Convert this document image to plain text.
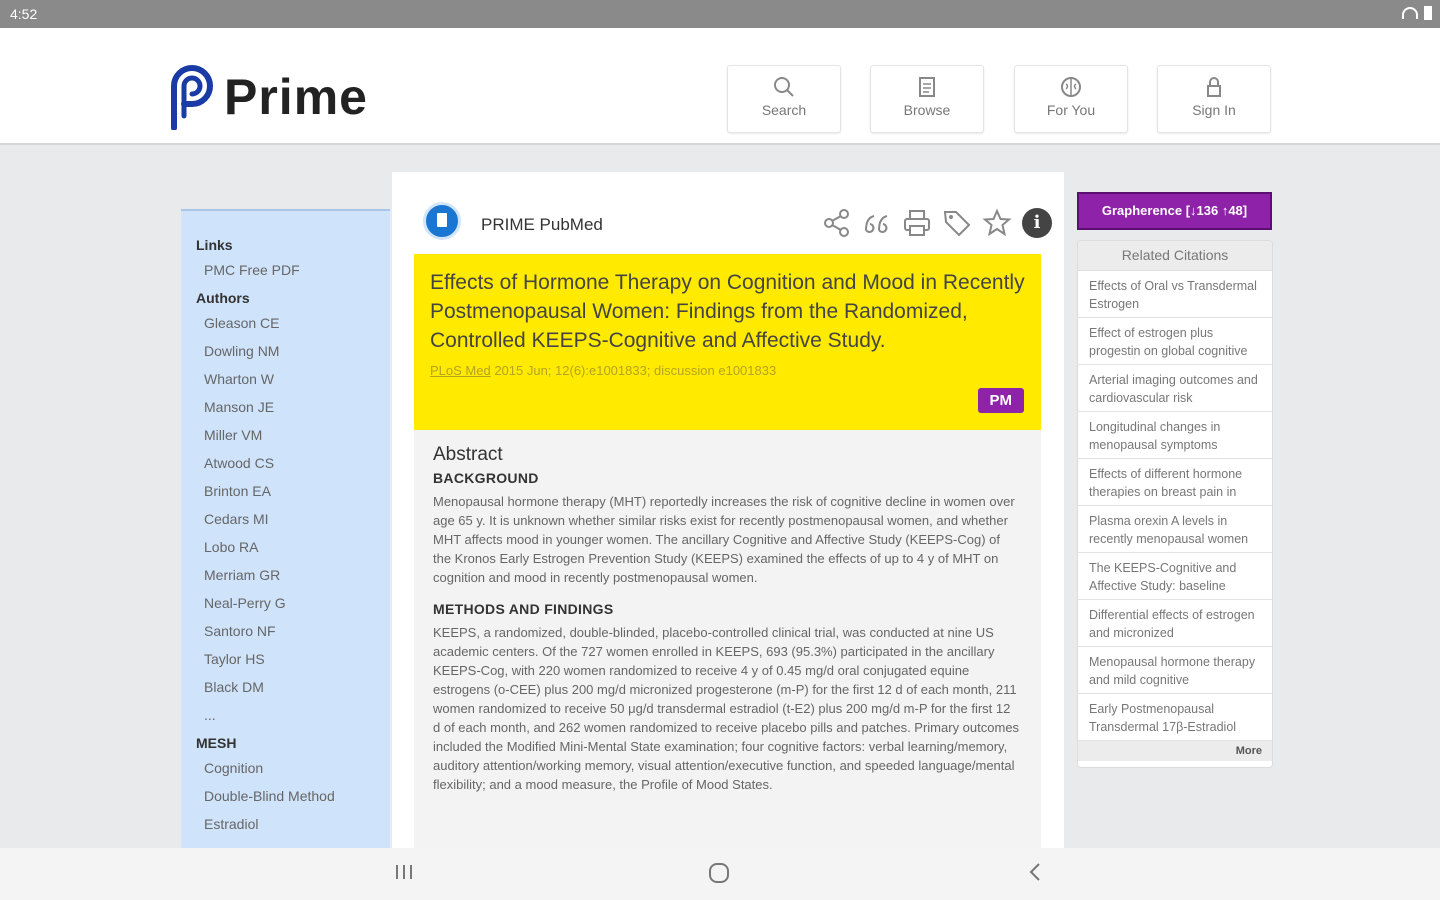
4:52
Prime	Search	Browse	For You	Sign In
Links
PMC Free PDF
Authors
Gleason CE
Dowling NM
Wharton W
Manson JE
Miller VM
Atwood CS
Brinton EA
Cedars MI
Lobo RA
Merriam GR
Neal-Perry G
Santoro NF
Taylor HS
Black DM
...
MESH
Cognition
Double-Blind Method
Estradiol
PRIME PubMed	i
Effects of Hormone Therapy on Cognition and Mood in Recently Postmenopausal Women: Findings from the Randomized, Controlled KEEPS-Cognitive and Affective Study.
PLoS Med 2015 Jun; 12(6):e1001833; discussion e1001833
PM
Abstract
BACKGROUND

Menopausal hormone therapy (MHT) reportedly increases the risk of cognitive decline in women over age 65 y. It is unknown whether similar risks exist for recently postmenopausal women, and whether MHT affects mood in younger women. The ancillary Cognitive and Affective Study (KEEPS-Cog) of the Kronos Early Estrogen Prevention Study (KEEPS) examined the effects of up to 4 y of MHT on cognition and mood in recently postmenopausal women.

METHODS AND FINDINGS

KEEPS, a randomized, double-blinded, placebo-controlled clinical trial, was conducted at nine US academic centers. Of the 727 women enrolled in KEEPS, 693 (95.3%) participated in the ancillary KEEPS-Cog, with 220 women randomized to receive 4 y of 0.45 mg/d oral conjugated equine estrogens (o-CEE) plus 200 mg/d micronized progesterone (m-P) for the first 12 d of each month, 211 women randomized to receive 50 μg/d transdermal estradiol (t-E2) plus 200 mg/d m-P for the first 12 d of each month, and 262 women randomized to receive placebo pills and patches. Primary outcomes included the Modified Mini-Mental State examination; four cognitive factors: verbal learning/memory, auditory attention/working memory, visual attention/executive function, and speeded language/mental flexibility; and a mood measure, the Profile of Mood States.

Grapherence [↓136 ↑48]
Related Citations
Effects of Oral vs Transdermal Estrogen
Effect of estrogen plus progestin on global cognitive
Arterial imaging outcomes and cardiovascular risk
Longitudinal changes in menopausal symptoms
Effects of different hormone therapies on breast pain in
Plasma orexin A levels in recently menopausal women
The KEEPS-Cognitive and Affective Study: baseline
Differential effects of estrogen and micronized
Menopausal hormone therapy and mild cognitive
Early Postmenopausal Transdermal 17β-Estradiol
More
